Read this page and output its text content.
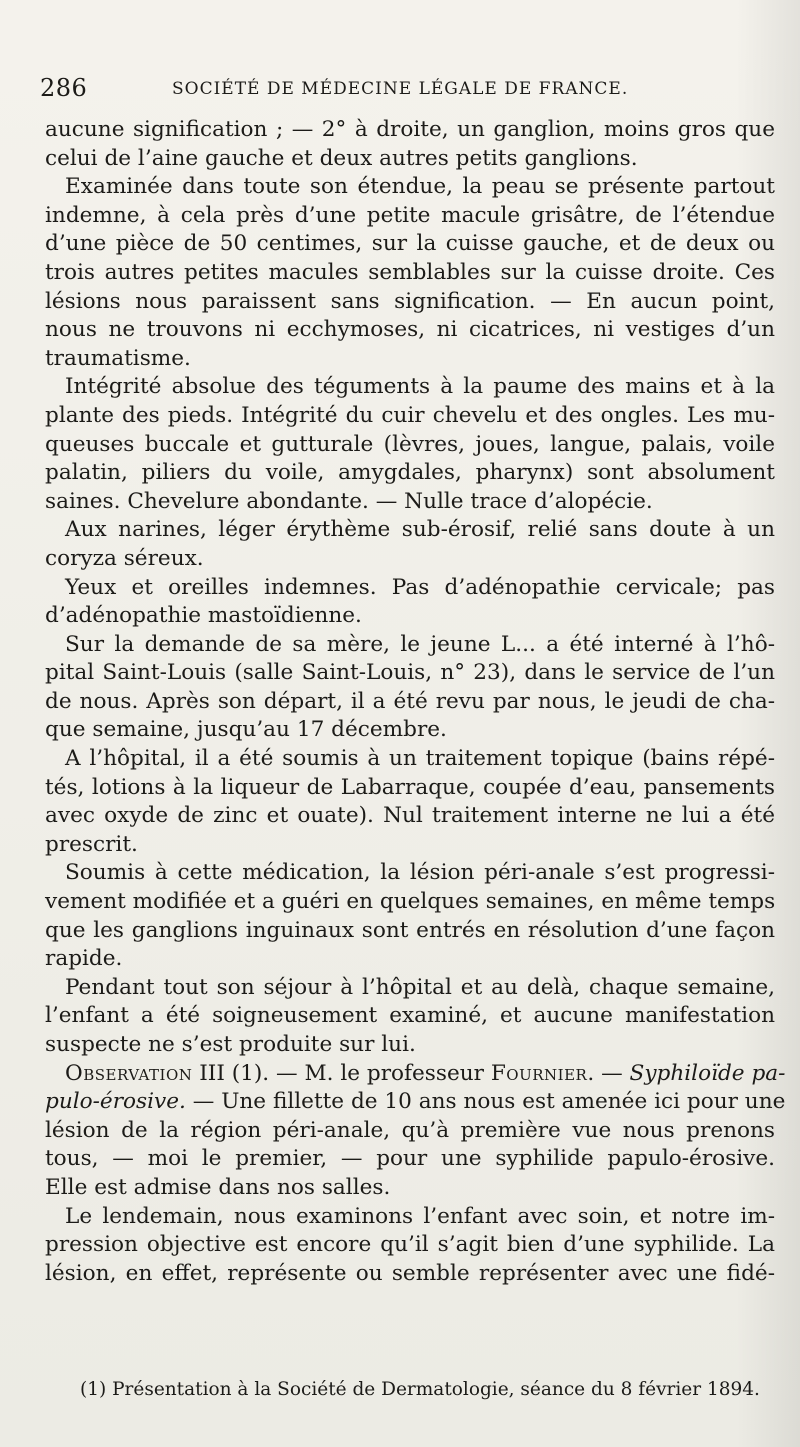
286	SOCIÉTÉ DE MÉDECINE LÉGALE DE FRANCE.
aucune signification ; — 2° à droite, un ganglion, moins gros que
celui de l’aine gauche et deux autres petits ganglions.
Examinée dans toute son étendue, la peau se présente partout
indemne, à cela près d’une petite macule grisâtre, de l’étendue
d’une pièce de 50 centimes, sur la cuisse gauche, et de deux ou
trois autres petites macules semblables sur la cuisse droite. Ces
lésions nous paraissent sans signification. — En aucun point,
nous ne trouvons ni ecchymoses, ni cicatrices, ni vestiges d’un
traumatisme.
Intégrité absolue des téguments à la paume des mains et à la
plante des pieds. Intégrité du cuir chevelu et des ongles. Les mu-
queuses buccale et gutturale (lèvres, joues, langue, palais, voile
palatin, piliers du voile, amygdales, pharynx) sont absolument
saines. Chevelure abondante. — Nulle trace d’alopécie.
Aux narines, léger érythème sub-érosif, relié sans doute à un
coryza séreux.
Yeux et oreilles indemnes. Pas d’adénopathie cervicale; pas
d’adénopathie mastoïdienne.
Sur la demande de sa mère, le jeune L... a été interné à l’hô-
pital Saint-Louis (salle Saint-Louis, n° 23), dans le service de l’un
de nous. Après son départ, il a été revu par nous, le jeudi de cha-
que semaine, jusqu’au 17 décembre.
A l’hôpital, il a été soumis à un traitement topique (bains répé-
tés, lotions à la liqueur de Labarraque, coupée d’eau, pansements
avec oxyde de zinc et ouate). Nul traitement interne ne lui a été
prescrit.
Soumis à cette médication, la lésion péri-anale s’est progressi-
vement modifiée et a guéri en quelques semaines, en même temps
que les ganglions inguinaux sont entrés en résolution d’une façon
rapide.
Pendant tout son séjour à l’hôpital et au delà, chaque semaine,
l’enfant a été soigneusement examiné, et aucune manifestation
suspecte ne s’est produite sur lui.
Observation III (1). — M. le professeur Fournier. — Syphiloïde pa-
pulo-érosive. — Une fillette de 10 ans nous est amenée ici pour une
lésion de la région péri-anale, qu’à première vue nous prenons
tous, — moi le premier, — pour une syphilide papulo-érosive.
Elle est admise dans nos salles.
Le lendemain, nous examinons l’enfant avec soin, et notre im-
pression objective est encore qu’il s’agit bien d’une syphilide. La
lésion, en effet, représente ou semble représenter avec une fidé-
(1) Présentation à la Société de Dermatologie, séance du 8 février 1894.
